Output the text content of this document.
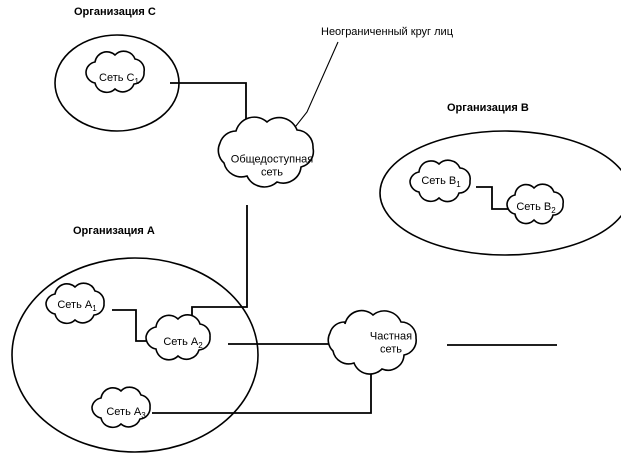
Организация C
Организация B
Организация A
Неограниченный круг лиц
Сеть $C_1$
Общедоступная
сеть
Сеть $B_1$
Сеть $B_2$
Сеть $A_1$
Сеть $A_2$
Сеть $A_3$
Частная
сеть
